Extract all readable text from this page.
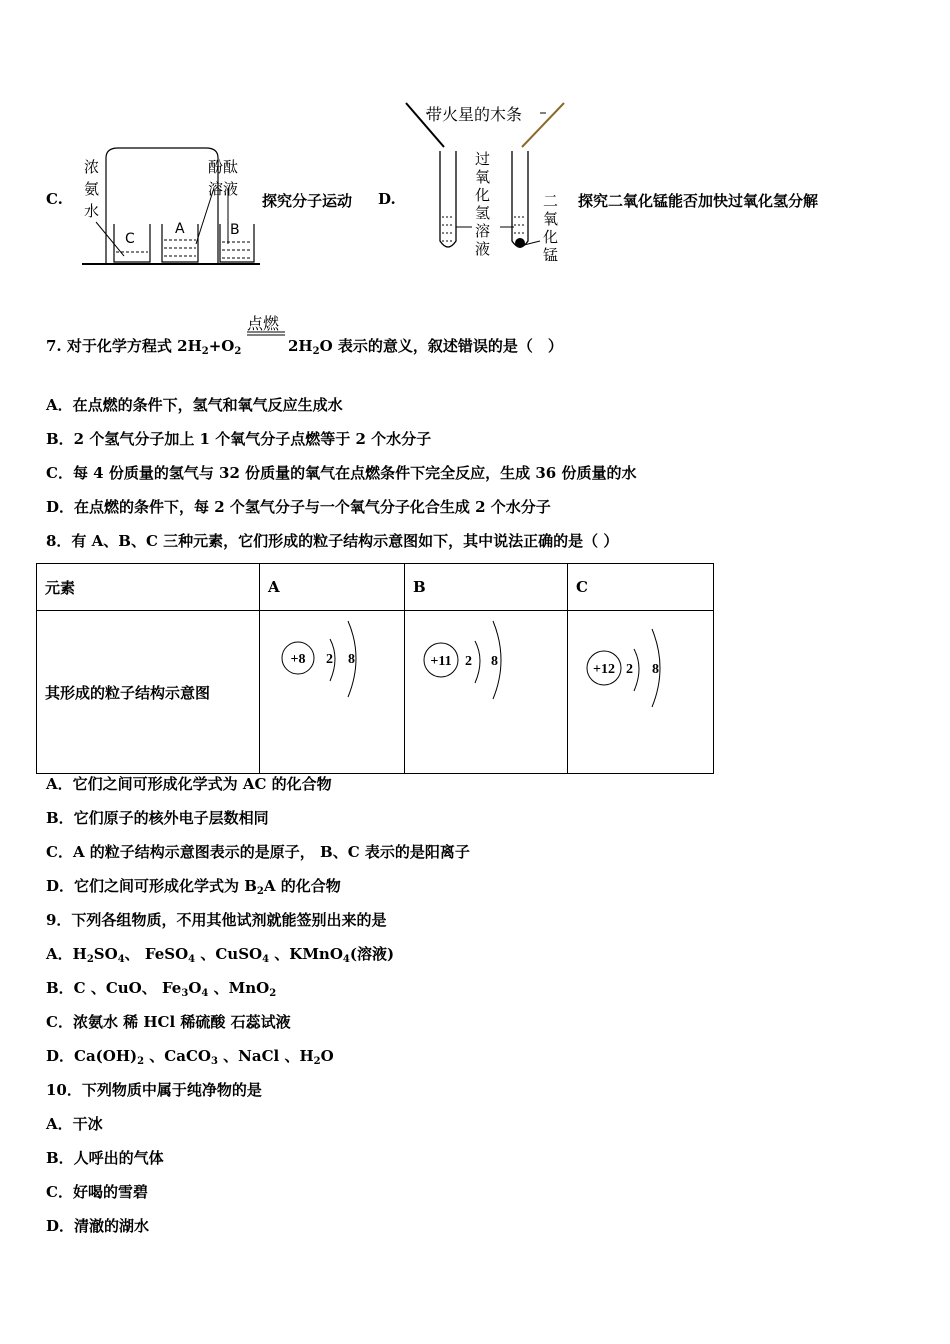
C.
浓氨水
酚酞溶液
C
A	B
探究分子运动 D.
带火星的木条
过氧化氢溶液
二氧化锰
探究二氧化锰能否加快过氧化氢分解
点燃
7. 对于化学方程式 $2H_2+O_2$	$2H_2O$ 表示的意义，叙述错误的是（　）
A．在点燃的条件下，氢气和氧气反应生成水
B．2 个氢气分子加上 1 个氧气分子点燃等于 2 个水分子
C．每 4 份质量的氢气与 32 份质量的氧气在点燃条件下完全反应，生成 36 份质量的水
D．在点燃的条件下，每 2 个氢气分子与一个氧气分子化合生成 2 个水分子
8．有 A、B、C 三种元素，它们形成的粒子结构示意图如下，其中说法正确的是（ ）
元素	A	B	C
其形成的粒子结构示意图	+8 2 8	+11 2 8	+12 2 8
A．它们之间可形成化学式为 AC 的化合物
B．它们原子的核外电子层数相同
C．A 的粒子结构示意图表示的是原子， B、C 表示的是阳离子
D．它们之间可形成化学式为 $B_2A$ 的化合物
9．下列各组物质，不用其他试剂就能签别出来的是
A．$H_2SO_4$、 FeSO$_4$ 、CuSO$_4$ 、KMnO$_4$(溶液)
B．C 、CuO、 $Fe_3O_4$ 、MnO$_2$
C．浓氨水 稀 HCl 稀硫酸 石蕊试液
D．$Ca(OH)_2$ 、CaCO$_3$ 、NaCl 、$H_2O$
10．下列物质中属于纯净物的是
A．干冰
B．人呼出的气体
C．好喝的雪碧
D．清澈的湖水
